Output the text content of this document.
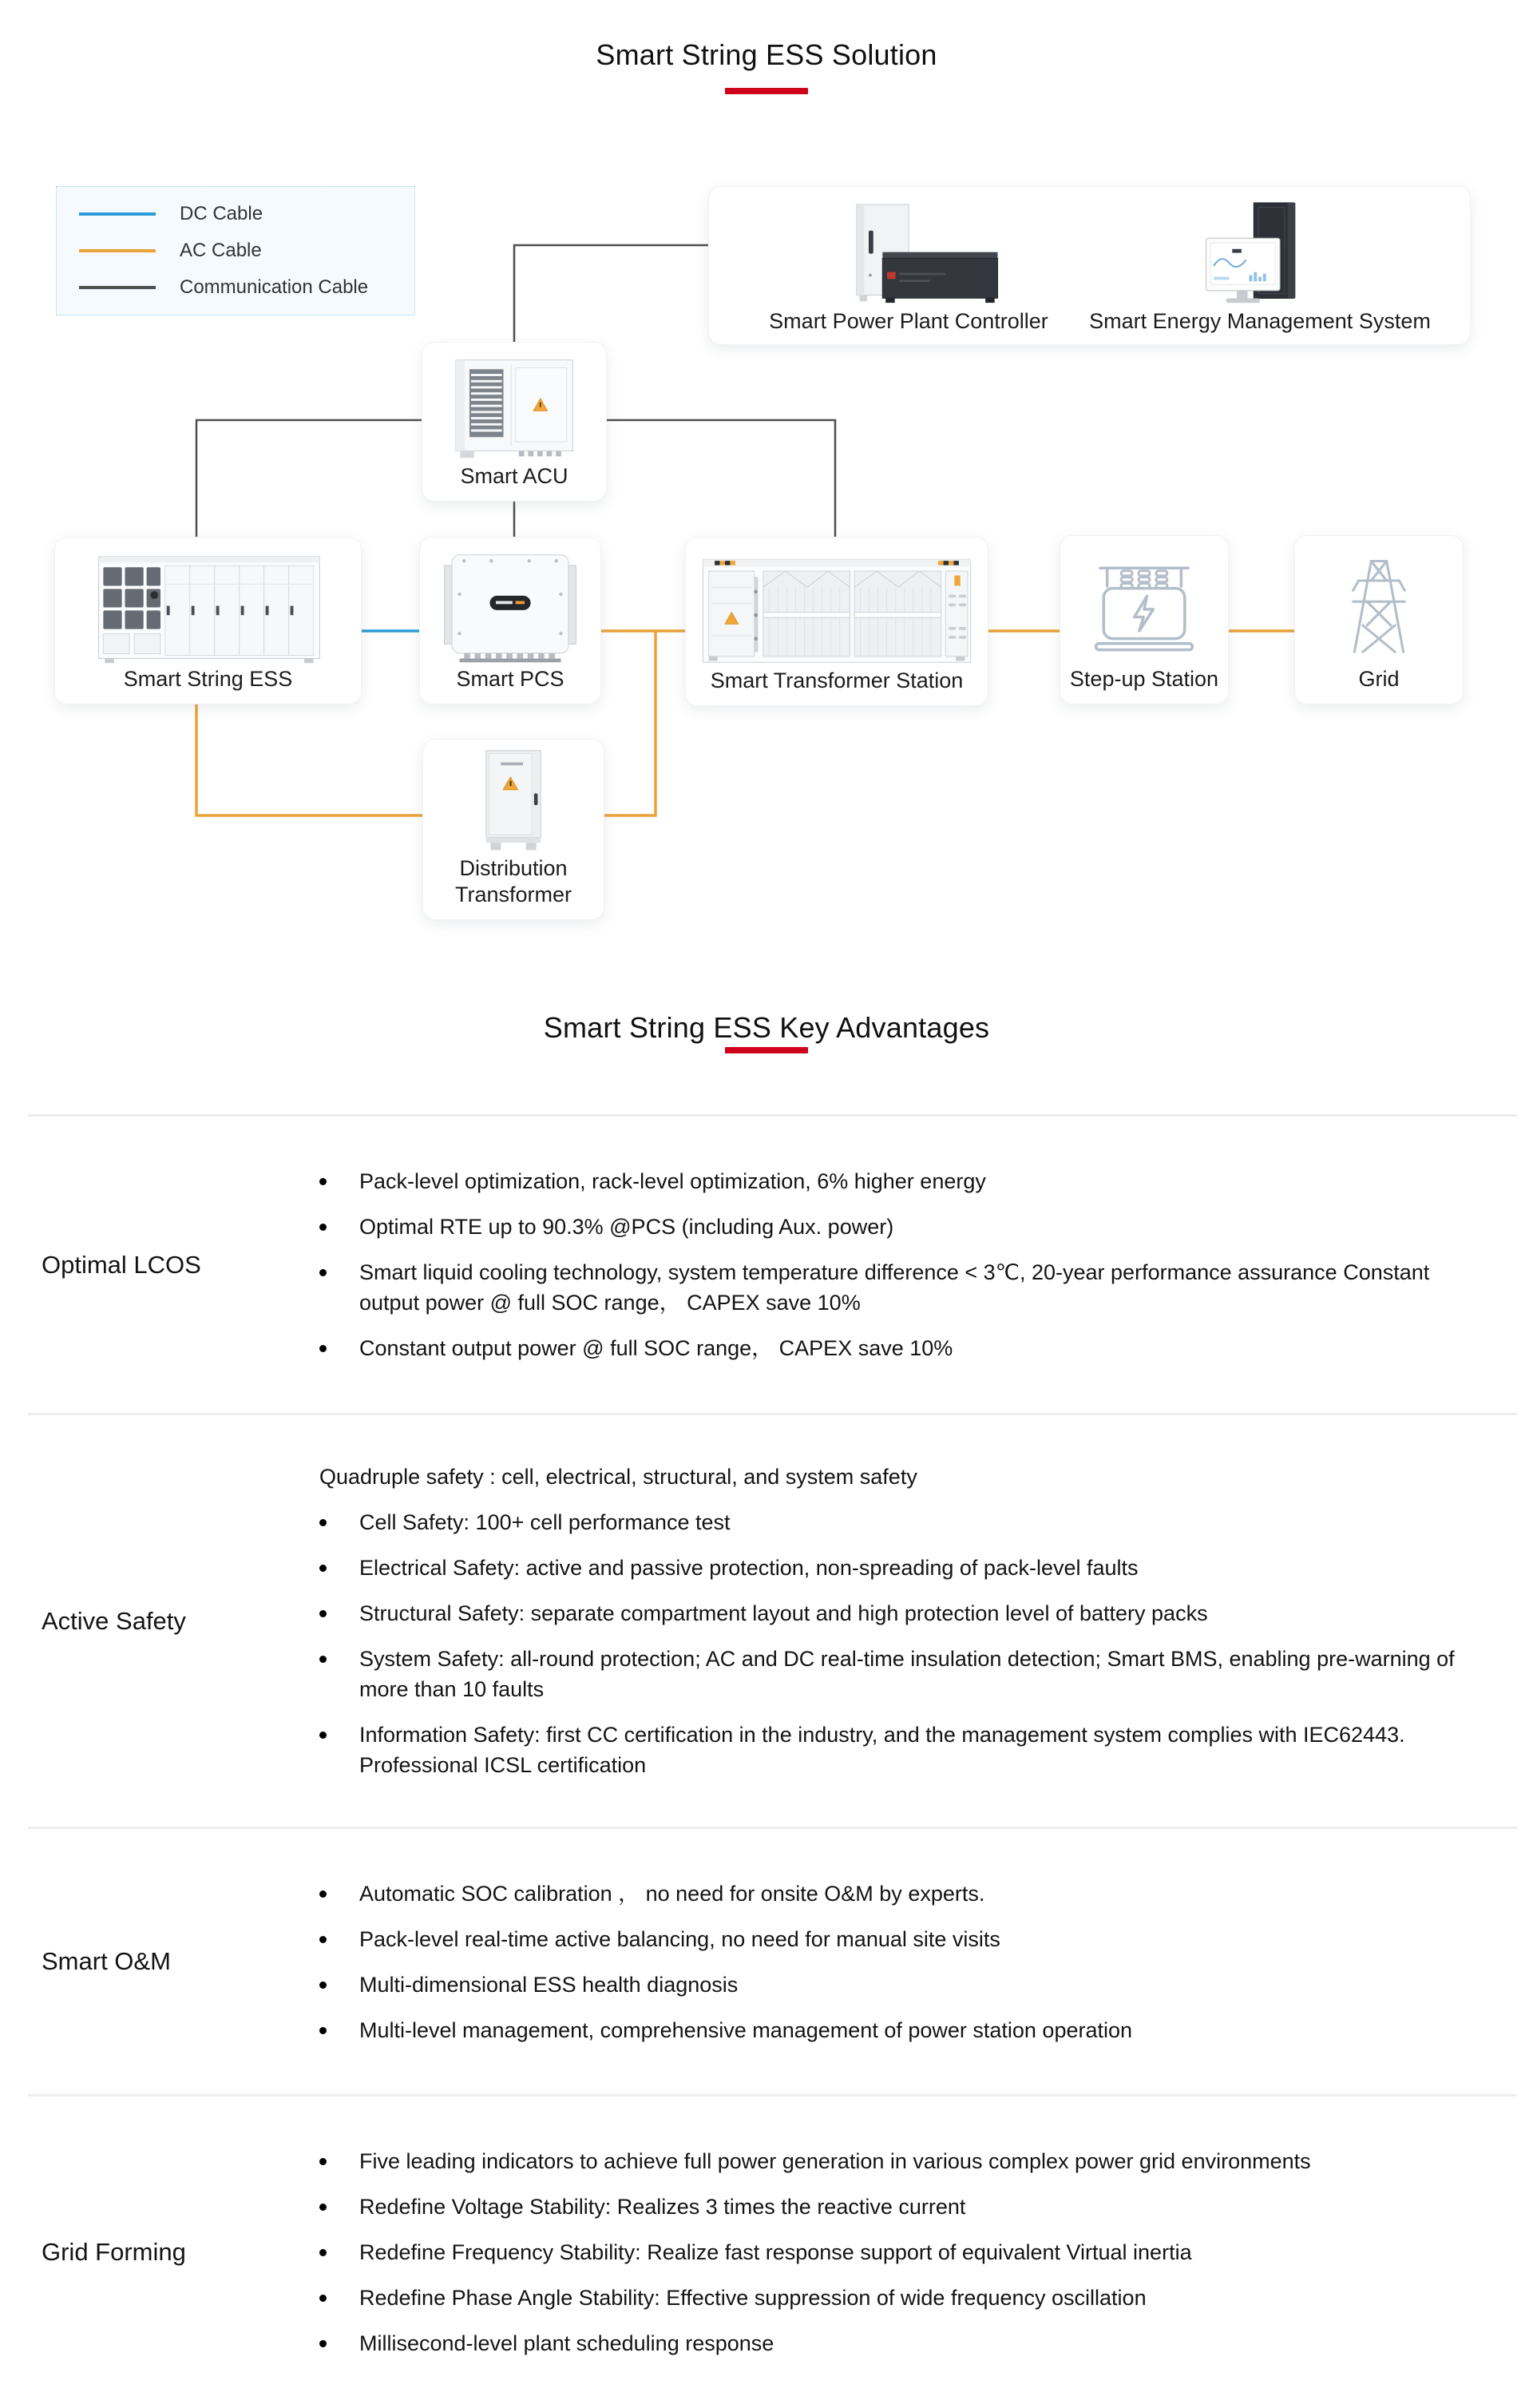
Smart String ESS Solution
DC Cable
AC Cable
Communication Cable
Smart Power Plant Controller	Smart Energy Management System
Smart ACU
Smart String ESS	Smart PCS	Smart Transformer Station	Step-up Station	Grid
Distribution Transformer
Smart String ESS Key Advantages
Optimal LCOS
Pack-level optimization, rack-level optimization, 6% higher energy
Optimal RTE up to 90.3% @PCS (including Aux. power)
Smart liquid cooling technology, system temperature difference < 3℃, 20-year performance assurance Constant output power @ full SOC range， CAPEX save 10%
Constant output power @ full SOC range， CAPEX save 10%
Active Safety
Quadruple safety : cell, electrical, structural, and system safety
Cell Safety: 100+ cell performance test
Electrical Safety: active and passive protection, non-spreading of pack-level faults
Structural Safety: separate compartment layout and high protection level of battery packs
System Safety: all-round protection; AC and DC real-time insulation detection; Smart BMS, enabling pre-warning of more than 10 faults
Information Safety: first CC certification in the industry, and the management system complies with IEC62443. Professional ICSL certification
Smart O&M
Automatic SOC calibration ， no need for onsite O&M by experts.
Pack-level real-time active balancing, no need for manual site visits
Multi-dimensional ESS health diagnosis
Multi-level management, comprehensive management of power station operation
Grid Forming
Five leading indicators to achieve full power generation in various complex power grid environments
Redefine Voltage Stability: Realizes 3 times the reactive current
Redefine Frequency Stability: Realize fast response support of equivalent Virtual inertia
Redefine Phase Angle Stability: Effective suppression of wide frequency oscillation
Millisecond-level plant scheduling response
